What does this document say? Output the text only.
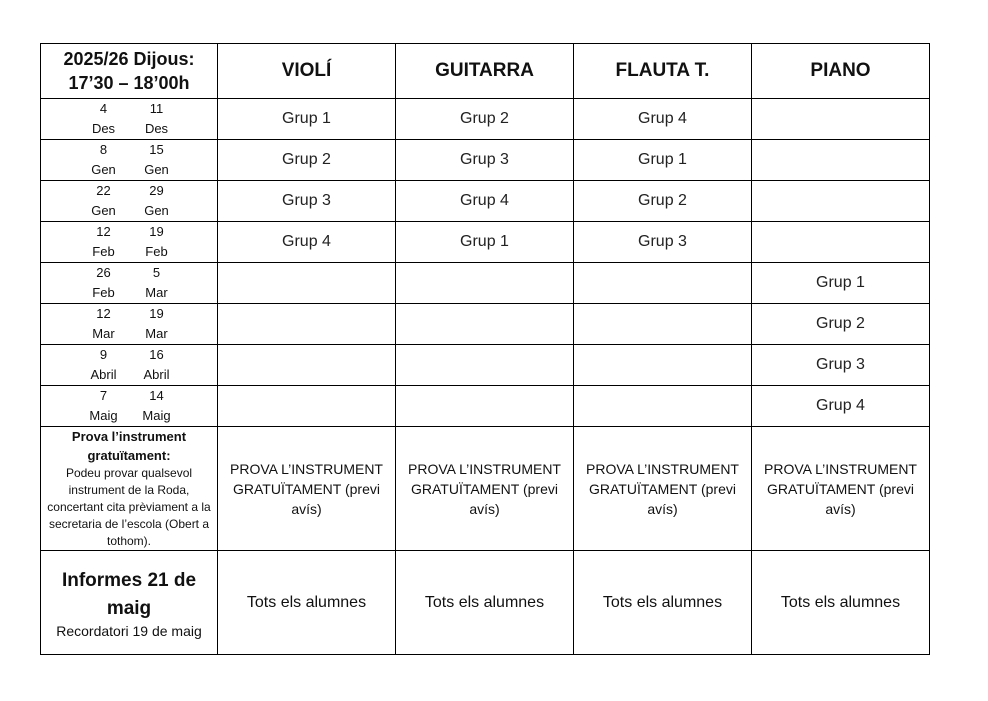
2025/26 Dijous:
17’30 – 18’00h	VIOLÍ	GUITARRA	FLAUTA T.	PIANO

4
Des
11
Des	Grup 1	Grup 2	Grup 4	

8
Gen
15
Gen	Grup 2	Grup 3	Grup 1	

22
Gen
29
Gen	Grup 3	Grup 4	Grup 2	

12
Feb
19
Feb	Grup 4	Grup 1	Grup 3	

26
Feb
5
Mar				Grup 1

12
Mar
19
Mar				Grup 2

9
Abril
16
Abril				Grup 3

7
Maig
14
Maig				Grup 4

Prova l’instrument gratuïtament:
Podeu provar qualsevol instrument de la Roda, concertant cita prèviament a la secretaria de l’escola (Obert a tothom).	PROVA L’INSTRUMENT GRATUÏTAMENT (previ avís)	PROVA L’INSTRUMENT GRATUÏTAMENT (previ avís)	PROVA L’INSTRUMENT GRATUÏTAMENT (previ avís)	PROVA L’INSTRUMENT GRATUÏTAMENT (previ avís)

Informes 21 de maig
Recordatori 19 de maig	Tots els alumnes	Tots els alumnes	Tots els alumnes	Tots els alumnes
